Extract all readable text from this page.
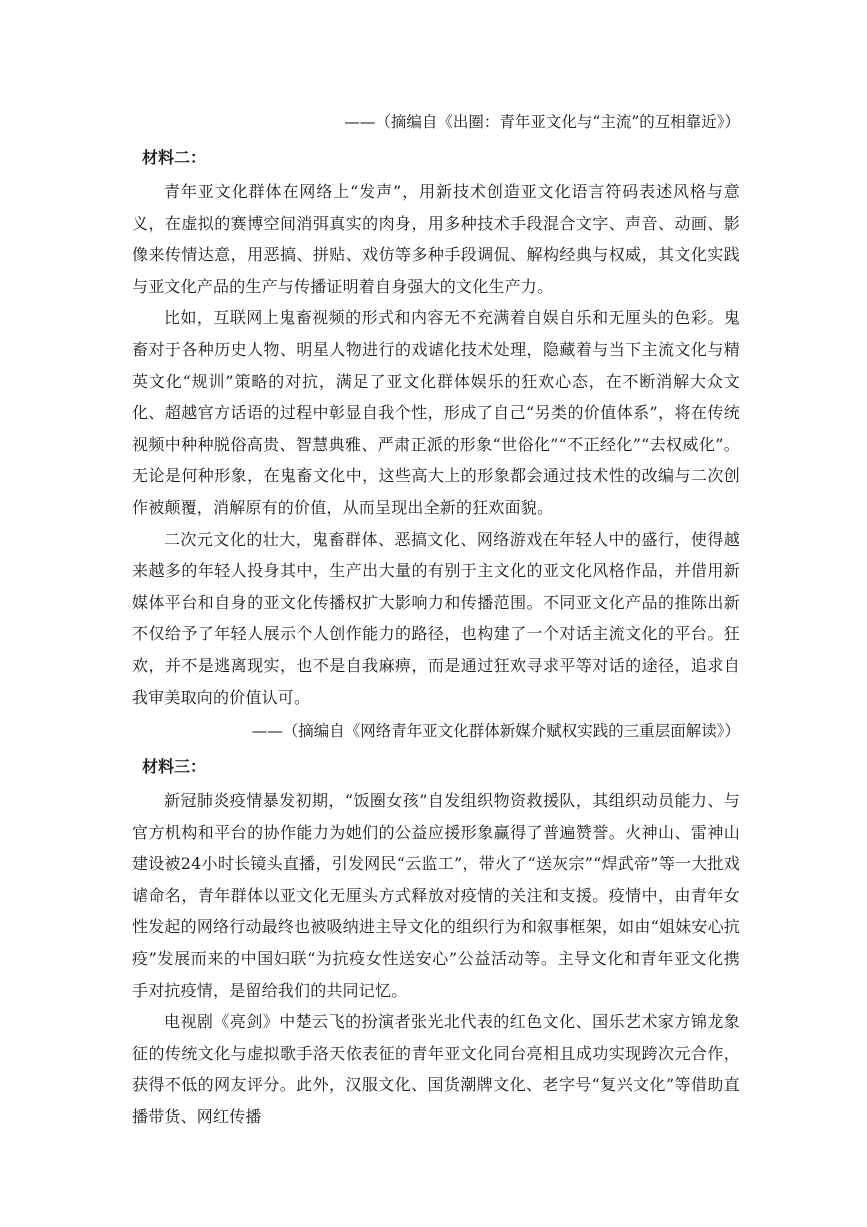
——（摘编自《出圈：青年亚文化与“主流”的互相靠近》）

材料二：

青年亚文化群体在网络上“发声”，用新技术创造亚文化语言符码表述风格与意义，在虚拟的赛博空间消弭真实的肉身，用多种技术手段混合文字、声音、动画、影像来传情达意，用恶搞、拼贴、戏仿等多种手段调侃、解构经典与权威，其文化实践与亚文化产品的生产与传播证明着自身强大的文化生产力。

比如，互联网上鬼畜视频的形式和内容无不充满着自娱自乐和无厘头的色彩。鬼畜对于各种历史人物、明星人物进行的戏谑化技术处理，隐藏着与当下主流文化与精英文化“规训”策略的对抗，满足了亚文化群体娱乐的狂欢心态，在不断消解大众文化、超越官方话语的过程中彰显自我个性，形成了自己“另类的价值体系”，将在传统视频中种种脱俗高贵、智慧典雅、严肃正派的形象“世俗化”“不正经化”“去权威化”。无论是何种形象，在鬼畜文化中，这些高大上的形象都会通过技术性的改编与二次创作被颠覆，消解原有的价值，从而呈现出全新的狂欢面貌。

二次元文化的壮大，鬼畜群体、恶搞文化、网络游戏在年轻人中的盛行，使得越来越多的年轻人投身其中，生产出大量的有别于主文化的亚文化风格作品，并借用新媒体平台和自身的亚文化传播权扩大影响力和传播范围。不同亚文化产品的推陈出新不仅给予了年轻人展示个人创作能力的路径，也构建了一个对话主流文化的平台。狂欢，并不是逃离现实，也不是自我麻痹，而是通过狂欢寻求平等对话的途径，追求自我审美取向的价值认可。

——（摘编自《网络青年亚文化群体新媒介赋权实践的三重层面解读》）

材料三：

新冠肺炎疫情暴发初期，“饭圈女孩”自发组织物资救援队，其组织动员能力、与官方机构和平台的协作能力为她们的公益应援形象赢得了普遍赞誉。火神山、雷神山建设被24小时长镜头直播，引发网民“云监工”，带火了“送灰宗”“焊武帝”等一大批戏谑命名，青年群体以亚文化无厘头方式释放对疫情的关注和支援。疫情中，由青年女性发起的网络行动最终也被吸纳进主导文化的组织行为和叙事框架，如由“姐妹安心抗疫”发展而来的中国妇联“为抗疫女性送安心”公益活动等。主导文化和青年亚文化携手对抗疫情，是留给我们的共同记忆。

电视剧《亮剑》中楚云飞的扮演者张光北代表的红色文化、国乐艺术家方锦龙象征的传统文化与虚拟歌手洛天依表征的青年亚文化同台亮相且成功实现跨次元合作，获得不低的网友评分。此外，汉服文化、国货潮牌文化、老字号“复兴文化”等借助直播带货、网红传播
